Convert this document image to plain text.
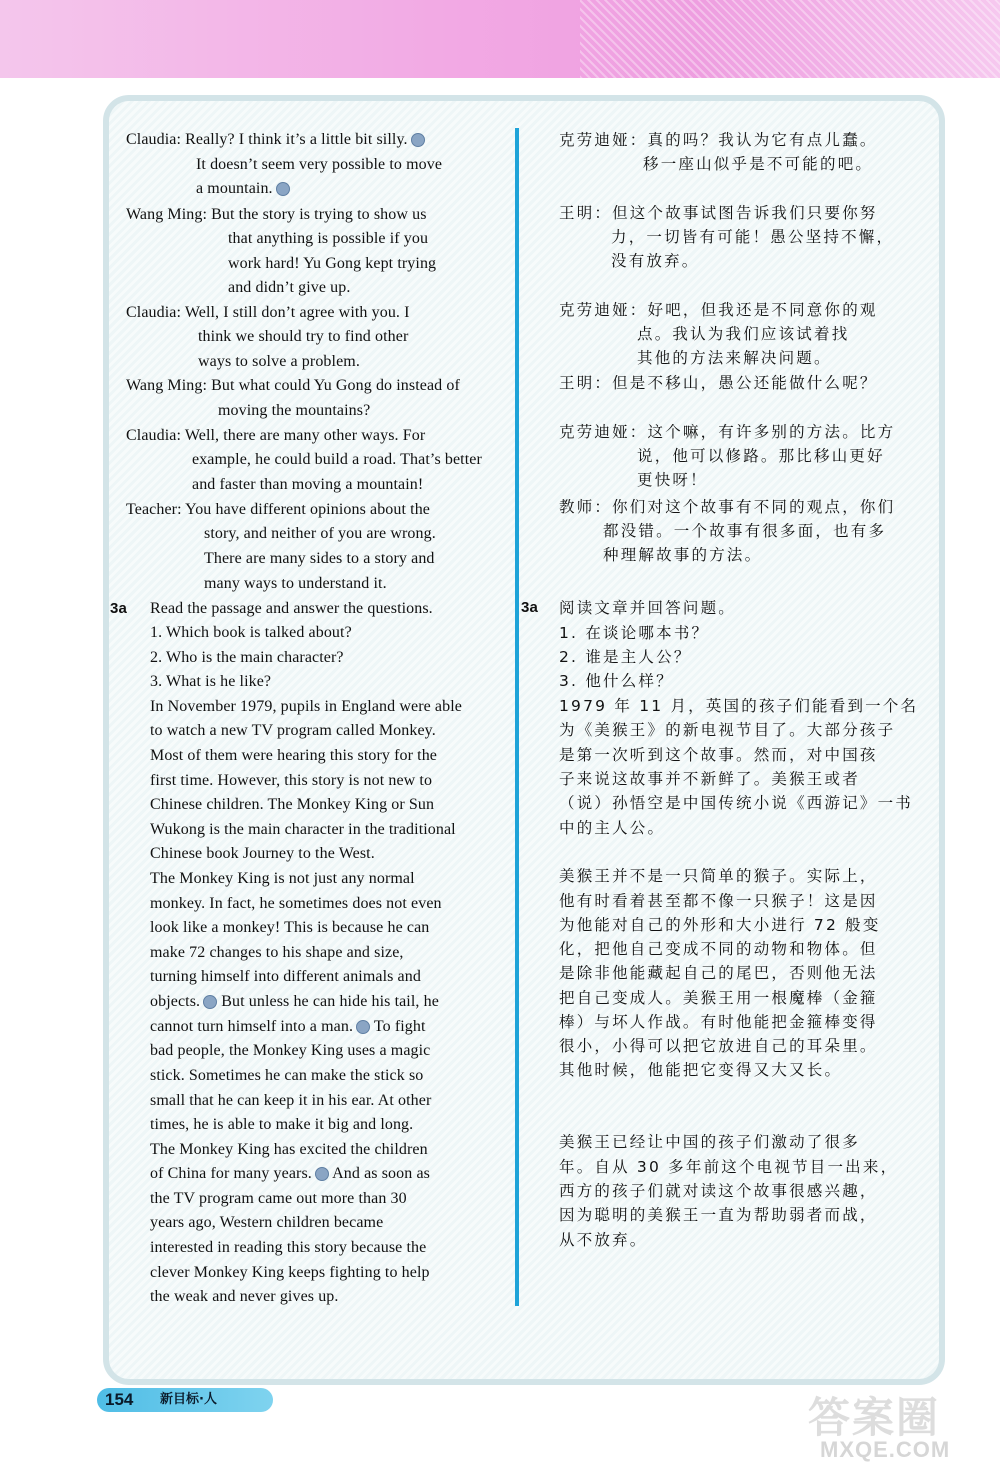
Claudia: Really? I think it’s a little bit silly.
It doesn’t seem very possible to move
a mountain.
Wang Ming: But the story is trying to show us
that anything is possible if you
work hard! Yu Gong kept trying
and didn’t give up.
Claudia: Well, I still don’t agree with you. I
think we should try to find other
ways to solve a problem.
Wang Ming: But what could Yu Gong do instead of
moving the mountains?
Claudia: Well, there are many other ways. For
example, he could build a road. That’s better
and faster than moving a mountain!
Teacher: You have different opinions about the
story, and neither of you are wrong.
There are many sides to a story and
many ways to understand it.
3a Read the passage and answer the questions.
1. Which book is talked about?
2. Who is the main character?
3. What is he like?
In November 1979, pupils in England were able
to watch a new TV program called Monkey.
Most of them were hearing this story for the
first time. However, this story is not new to
Chinese children. The Monkey King or Sun
Wukong is the main character in the traditional
Chinese book Journey to the West.
The Monkey King is not just any normal
monkey. In fact, he sometimes does not even
look like a monkey! This is because he can
make 72 changes to his shape and size,
turning himself into different animals and
objects. But unless he can hide his tail, he
cannot turn himself into a man. To fight
bad people, the Monkey King uses a magic
stick. Sometimes he can make the stick so
small that he can keep it in his ear. At other
times, he is able to make it big and long.
The Monkey King has excited the children
of China for many years. And as soon as
the TV program came out more than 30
years ago, Western children became
interested in reading this story because the
clever Monkey King keeps fighting to help
the weak and never gives up.
克劳迪娅：真的吗？我认为它有点儿蠢。
移一座山似乎是不可能的吧。
王明：但这个故事试图告诉我们只要你努
力，一切皆有可能！愚公坚持不懈，
没有放弃。
克劳迪娅：好吧，但我还是不同意你的观
点。我认为我们应该试着找
其他的方法来解决问题。
王明：但是不移山，愚公还能做什么呢？
克劳迪娅：这个嘛，有许多别的方法。比方
说，他可以修路。那比移山更好
更快呀！
教师：你们对这个故事有不同的观点，你们
都没错。一个故事有很多面，也有多
种理解故事的方法。
3a 阅读文章并回答问题。
1. 在谈论哪本书？
2. 谁是主人公？
3. 他什么样？
1979 年 11 月，英国的孩子们能看到一个名
为《美猴王》的新电视节目了。大部分孩子
是第一次听到这个故事。然而，对中国孩
子来说这故事并不新鲜了。美猴王或者
（说）孙悟空是中国传统小说《西游记》一书
中的主人公。
美猴王并不是一只简单的猴子。实际上，
他有时看着甚至都不像一只猴子！这是因
为他能对自己的外形和大小进行 72 般变
化，把他自己变成不同的动物和物体。但
是除非他能藏起自己的尾巴，否则他无法
把自己变成人。美猴王用一根魔棒（金箍
棒）与坏人作战。有时他能把金箍棒变得
很小，小得可以把它放进自己的耳朵里。
其他时候，他能把它变得又大又长。
美猴王已经让中国的孩子们激动了很多
年。自从 30 多年前这个电视节目一出来，
西方的孩子们就对读这个故事很感兴趣，
因为聪明的美猴王一直为帮助弱者而战，
从不放弃。
154 新目标·人	答案圈
MXQE.COM
